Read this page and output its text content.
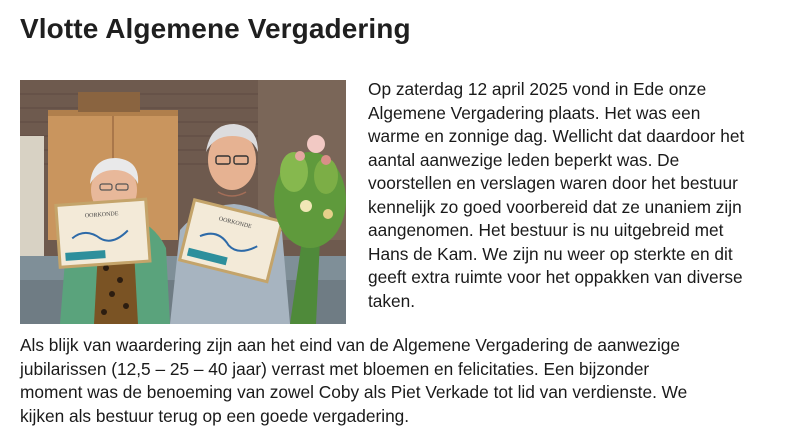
Vlotte Algemene Vergadering
OORKONDE
OORKONDE

Op zaterdag 12 april 2025 vond in Ede onze
Algemene Vergadering plaats. Het was een
warme en zonnige dag. Wellicht dat daardoor het
aantal aanwezige leden beperkt was. De
voorstellen en verslagen waren door het bestuur
kennelijk zo goed voorbereid dat ze unaniem zijn
aangenomen. Het bestuur is nu uitgebreid met
Hans de Kam. We zijn nu weer op sterkte en dit
geeft extra ruimte voor het oppakken van diverse
taken.

Als blijk van waardering zijn aan het eind van de Algemene Vergadering de aanwezige
jubilarissen (12,5 – 25 – 40 jaar) verrast met bloemen en felicitaties. Een bijzonder
moment was de benoeming van zowel Coby als Piet Verkade tot lid van verdienste. We
kijken als bestuur terug op een goede vergadering.
